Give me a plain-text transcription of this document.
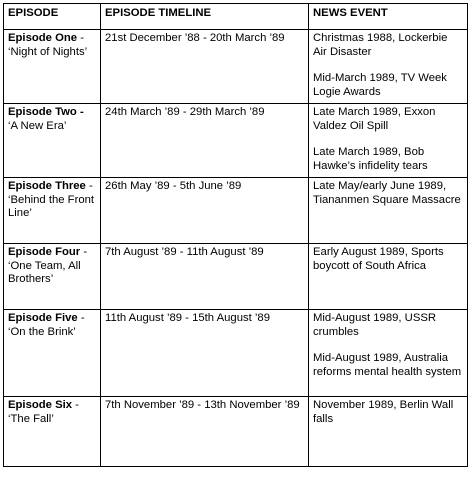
EPISODE	EPISODE TIMELINE	NEWS EVENT
Episode One - ‘Night of Nights’	21st December ’88 - 20th March ’89	Christmas 1988, Lockerbie Air Disaster
Mid-March 1989, TV Week Logie Awards

Episode Two - ‘A New Era’	24th March ’89 - 29th March ’89	Late March 1989, Exxon Valdez Oil Spill
Late March 1989, Bob Hawke’s infidelity tears

Episode Three - ‘Behind the Front Line’	26th May ’89 - 5th June ’89	Late May/early June 1989, Tiananmen Square Massacre

Episode Four - ‘One Team, All Brothers’	7th August ’89 - 11th August ’89	Early August 1989, Sports boycott of South Africa

Episode Five - ‘On the Brink’	11th August ’89 - 15th August ’89	Mid-August 1989, USSR crumbles
Mid-August 1989, Australia reforms mental health system

Episode Six - ‘The Fall’	7th November ’89 - 13th November ’89	November 1989, Berlin Wall falls
